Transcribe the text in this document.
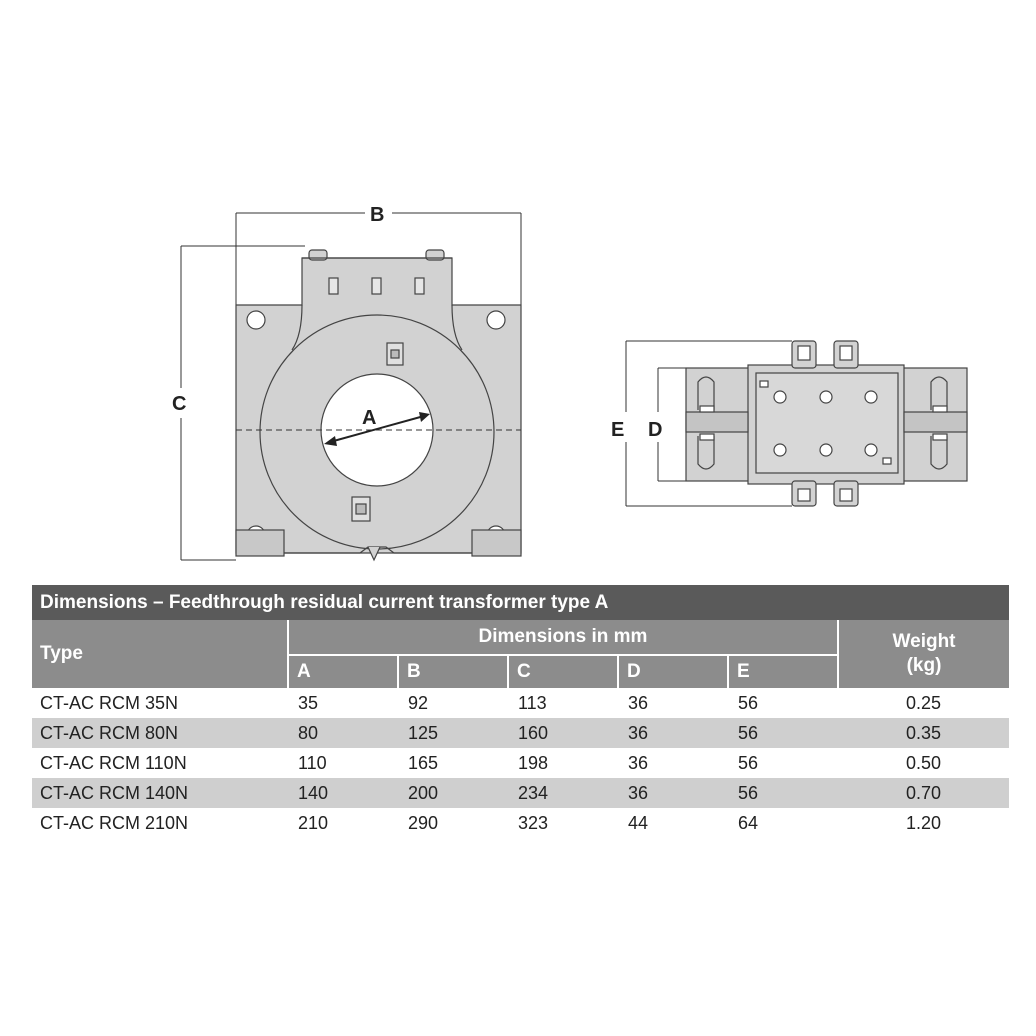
B
C
A
E D
Dimensions – Feedthrough residual current transformer type A						
Type	Dimensions in mm					Weight
(kg)
	A	B	C	D	E	
CT-AC RCM 35N	35	92	113	36	56	0.25
CT-AC RCM 80N	80	125	160	36	56	0.35
CT-AC RCM 110N	110	165	198	36	56	0.50
CT-AC RCM 140N	140	200	234	36	56	0.70
CT-AC RCM 210N	210	290	323	44	64	1.20
